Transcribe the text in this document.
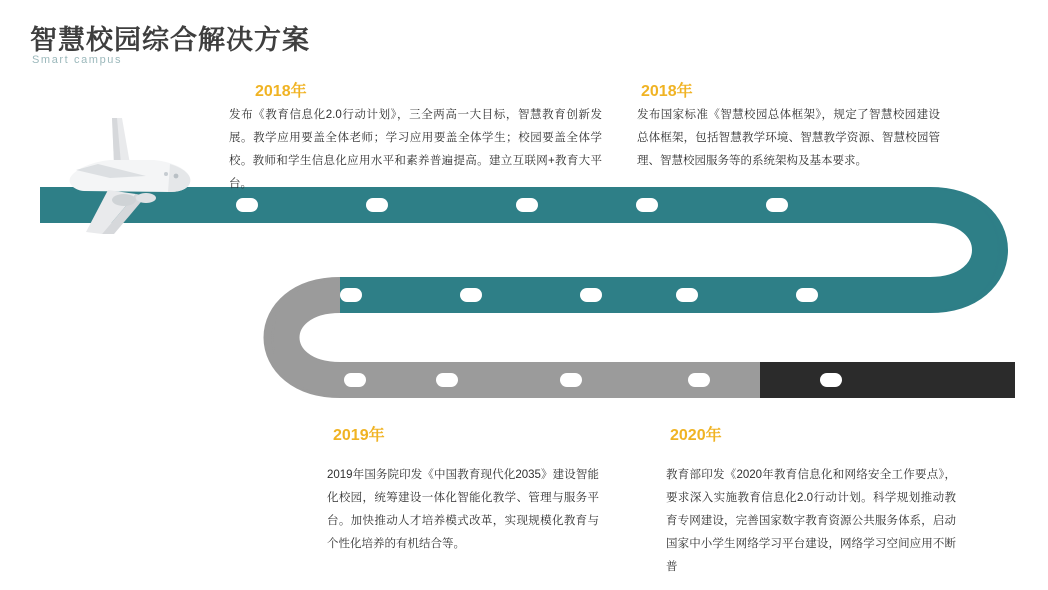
智慧校园综合解决方案
Smart campus
2018年	2018年
2019年	2020年
发布《教育信息化2.0行动计划》，三全两高一大目标，智慧教育创新发展。教学应用要盖全体老师；学习应用要盖全体学生；校园要盖全体学校。教师和学生信息化应用水平和素养普遍提高。建立互联网+教育大平台。
发布国家标准《智慧校园总体框架》，规定了智慧校园建设总体框架，包括智慧教学环境、智慧教学资源、智慧校园管理、智慧校园服务等的系统架构及基本要求。
2019年国务院印发《中国教育现代化2035》建设智能化校园，统筹建设一体化智能化教学、管理与服务平台。加快推动人才培养模式改革，实现规模化教育与个性化培养的有机结合等。
教育部印发《2020年教育信息化和网络安全工作要点》，要求深入实施教育信息化2.0行动计划。科学规划推动教育专网建设，完善国家数字教育资源公共服务体系，启动国家中小学生网络学习平台建设，网络学习空间应用不断普
